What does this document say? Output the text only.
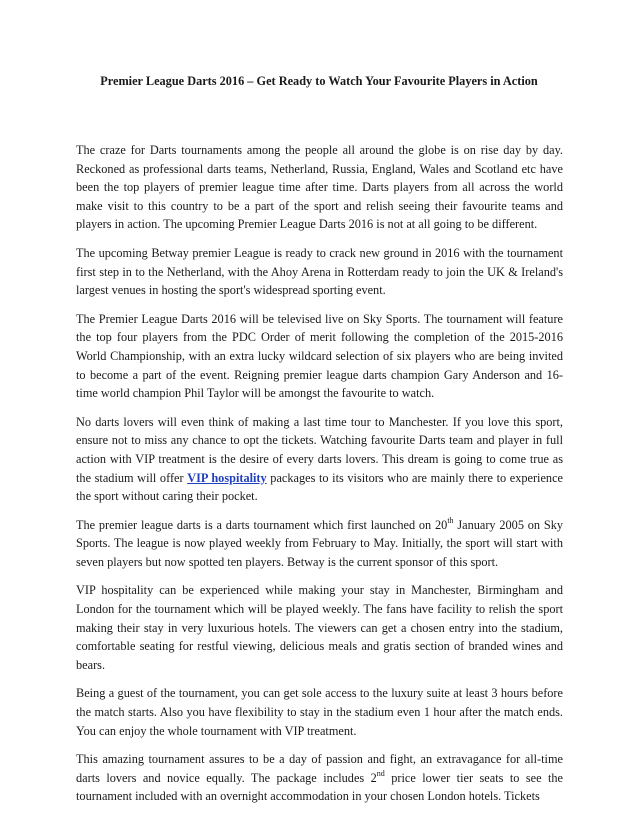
Premier League Darts 2016 – Get Ready to Watch Your Favourite Players in Action

The craze for Darts tournaments among the people all around the globe is on rise day by day. Reckoned as professional darts teams, Netherland, Russia, England, Wales and Scotland etc have been the top players of premier league time after time. Darts players from all across the world make visit to this country to be a part of the sport and relish seeing their favourite teams and players in action. The upcoming Premier League Darts 2016 is not at all going to be different.

The upcoming Betway premier League is ready to crack new ground in 2016 with the tournament first step in to the Netherland, with the Ahoy Arena in Rotterdam ready to join the UK & Ireland's largest venues in hosting the sport's widespread sporting event.

The Premier League Darts 2016 will be televised live on Sky Sports. The tournament will feature the top four players from the PDC Order of merit following the completion of the 2015-2016 World Championship, with an extra lucky wildcard selection of six players who are being invited to become a part of the event. Reigning premier league darts champion Gary Anderson and 16-time world champion Phil Taylor will be amongst the favourite to watch.

No darts lovers will even think of making a last time tour to Manchester. If you love this sport, ensure not to miss any chance to opt the tickets. Watching favourite Darts team and player in full action with VIP treatment is the desire of every darts lovers. This dream is going to come true as the stadium will offer VIP hospitality packages to its visitors who are mainly there to experience the sport without caring their pocket.

The premier league darts is a darts tournament which first launched on 20th January 2005 on Sky Sports. The league is now played weekly from February to May. Initially, the sport will start with seven players but now spotted ten players. Betway is the current sponsor of this sport.

VIP hospitality can be experienced while making your stay in Manchester, Birmingham and London for the tournament which will be played weekly. The fans have facility to relish the sport making their stay in very luxurious hotels. The viewers can get a chosen entry into the stadium, comfortable seating for restful viewing, delicious meals and gratis section of branded wines and bears.

Being a guest of the tournament, you can get sole access to the luxury suite at least 3 hours before the match starts. Also you have flexibility to stay in the stadium even 1 hour after the match ends. You can enjoy the whole tournament with VIP treatment.

This amazing tournament assures to be a day of passion and fight, an extravagance for all-time darts lovers and novice equally. The package includes 2nd price lower tier seats to see the tournament included with an overnight accommodation in your chosen London hotels. Tickets
